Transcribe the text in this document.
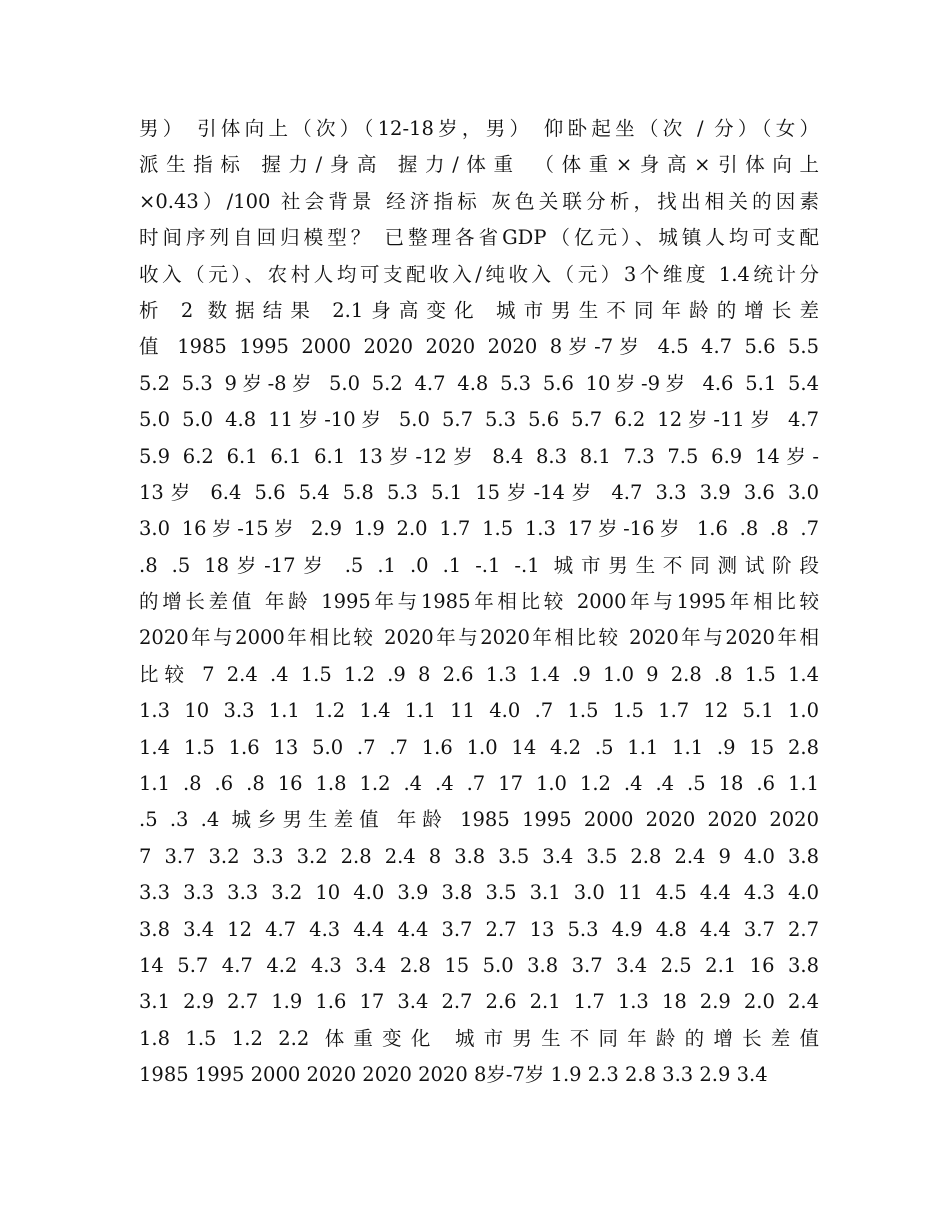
男） 引体向上（次）（12-18岁，男） 仰卧起坐（次 / 分）（女）
派生指标 握力/身高 握力/体重 （体重×身高×引体向上
×0.43）/100 社会背景 经济指标 灰色关联分析，找出相关的因素
时间序列自回归模型？ 已整理各省GDP（亿元）、城镇人均可支配
收入（元）、农村人均可支配收入/纯收入（元）3个维度 1.4统计分
析 2 数据结果 2.1身高变化 城市男生不同年龄的增长差
值 1985 1995 2000 2020 2020 2020 8岁-7岁 4.5 4.7 5.6 5.5
5.2 5.3 9岁-8岁 5.0 5.2 4.7 4.8 5.3 5.6 10岁-9岁 4.6 5.1 5.4
5.0 5.0 4.8 11岁-10岁 5.0 5.7 5.3 5.6 5.7 6.2 12岁-11岁 4.7
5.9 6.2 6.1 6.1 6.1 13岁-12岁 8.4 8.3 8.1 7.3 7.5 6.9 14岁-
13岁 6.4 5.6 5.4 5.8 5.3 5.1 15岁-14岁 4.7 3.3 3.9 3.6 3.0
3.0 16岁-15岁 2.9 1.9 2.0 1.7 1.5 1.3 17岁-16岁 1.6 .8 .8 .7
.8 .5 18岁-17岁 .5 .1 .0 .1 -.1 -.1 城市男生不同测试阶段
的增长差值 年龄 1995年与1985年相比较 2000年与1995年相比较
2020年与2000年相比较 2020年与2020年相比较 2020年与2020年相
比较 7 2.4 .4 1.5 1.2 .9 8 2.6 1.3 1.4 .9 1.0 9 2.8 .8 1.5 1.4
1.3 10 3.3 1.1 1.2 1.4 1.1 11 4.0 .7 1.5 1.5 1.7 12 5.1 1.0
1.4 1.5 1.6 13 5.0 .7 .7 1.6 1.0 14 4.2 .5 1.1 1.1 .9 15 2.8
1.1 .8 .6 .8 16 1.8 1.2 .4 .4 .7 17 1.0 1.2 .4 .4 .5 18 .6 1.1
.5 .3 .4 城乡男生差值 年龄 1985 1995 2000 2020 2020 2020
7 3.7 3.2 3.3 3.2 2.8 2.4 8 3.8 3.5 3.4 3.5 2.8 2.4 9 4.0 3.8
3.3 3.3 3.3 3.2 10 4.0 3.9 3.8 3.5 3.1 3.0 11 4.5 4.4 4.3 4.0
3.8 3.4 12 4.7 4.3 4.4 4.4 3.7 2.7 13 5.3 4.9 4.8 4.4 3.7 2.7
14 5.7 4.7 4.2 4.3 3.4 2.8 15 5.0 3.8 3.7 3.4 2.5 2.1 16 3.8
3.1 2.9 2.7 1.9 1.6 17 3.4 2.7 2.6 2.1 1.7 1.3 18 2.9 2.0 2.4
1.8 1.5 1.2 2.2 体重变化 城市男生不同年龄的增长差值
1985 1995 2000 2020 2020 2020 8岁-7岁 1.9 2.3 2.8 3.3 2.9 3.4
